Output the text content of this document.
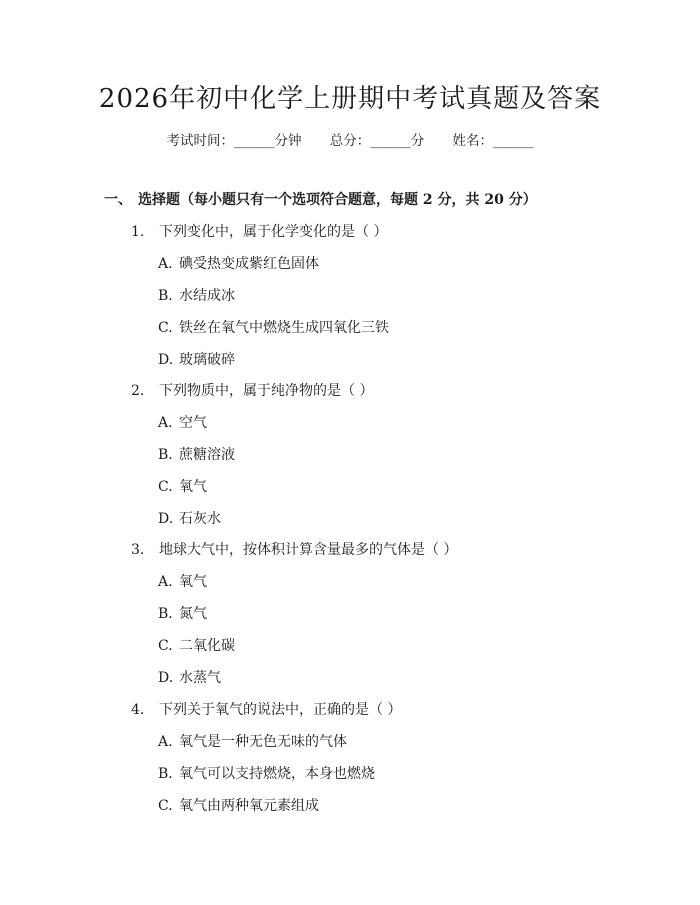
2026年初中化学上册期中考试真题及答案
考试时间：______分钟 总分：______分 姓名：______
一、 选择题（每小题只有一个选项符合题意，每题 2 分，共 20 分）
1. 下列变化中，属于化学变化的是（ ）
A. 碘受热变成紫红色固体
B. 水结成冰
C. 铁丝在氧气中燃烧生成四氧化三铁
D. 玻璃破碎
2. 下列物质中，属于纯净物的是（ ）
A. 空气
B. 蔗糖溶液
C. 氧气
D. 石灰水
3. 地球大气中，按体积计算含量最多的气体是（ ）
A. 氧气
B. 氮气
C. 二氧化碳
D. 水蒸气
4. 下列关于氧气的说法中，正确的是（ ）
A. 氧气是一种无色无味的气体
B. 氧气可以支持燃烧，本身也燃烧
C. 氧气由两种氧元素组成
